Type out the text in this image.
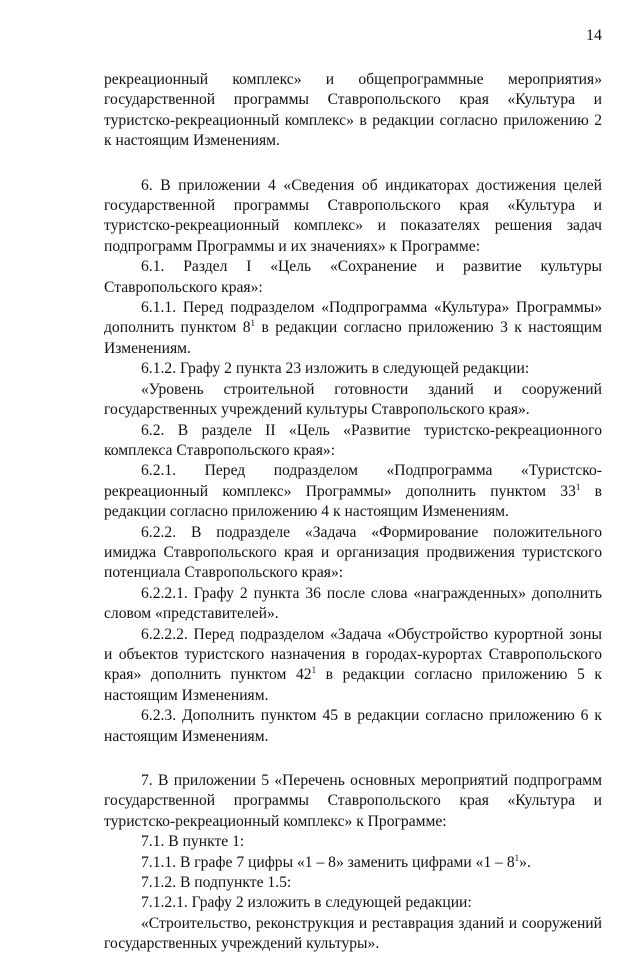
14

рекреационный комплекс» и общепрограммные мероприятия» государственной программы Ставропольского края «Культура и туристско-рекреационный комплекс» в редакции согласно приложению 2 к настоящим Изменениям.

6. В приложении 4 «Сведения об индикаторах достижения целей государственной программы Ставропольского края «Культура и туристско-рекреационный комплекс» и показателях решения задач подпрограмм Программы и их значениях» к Программе:

6.1. Раздел I «Цель «Сохранение и развитие культуры Ставропольского края»:

6.1.1. Перед подразделом «Подпрограмма «Культура» Программы» дополнить пунктом $8^1$ в редакции согласно приложению 3 к настоящим Изменениям.

6.1.2. Графу 2 пункта 23 изложить в следующей редакции:

«Уровень строительной готовности зданий и сооружений государственных учреждений культуры Ставропольского края».

6.2. В разделе II «Цель «Развитие туристско-рекреационного комплекса Ставропольского края»:

6.2.1. Перед подразделом «Подпрограмма «Туристско-рекреационный комплекс» Программы» дополнить пунктом $33^1$ в редакции согласно приложению 4 к настоящим Изменениям.

6.2.2. В подразделе «Задача «Формирование положительного имиджа Ставропольского края и организация продвижения туристского потенциала Ставропольского края»:

6.2.2.1. Графу 2 пункта 36 после слова «награжденных» дополнить словом «представителей».

6.2.2.2. Перед подразделом «Задача «Обустройство курортной зоны и объектов туристского назначения в городах-курортах Ставропольского края» дополнить пунктом $42^1$ в редакции согласно приложению 5 к настоящим Изменениям.

6.2.3. Дополнить пунктом 45 в редакции согласно приложению 6 к настоящим Изменениям.

7. В приложении 5 «Перечень основных мероприятий подпрограмм государственной программы Ставропольского края «Культура и туристско-рекреационный комплекс» к Программе:

7.1. В пункте 1:

7.1.1. В графе 7 цифры «1 – 8» заменить цифрами «$1 - 8^1$».

7.1.2. В подпункте 1.5:

7.1.2.1. Графу 2 изложить в следующей редакции:

«Строительство, реконструкция и реставрация зданий и сооружений государственных учреждений культуры».
